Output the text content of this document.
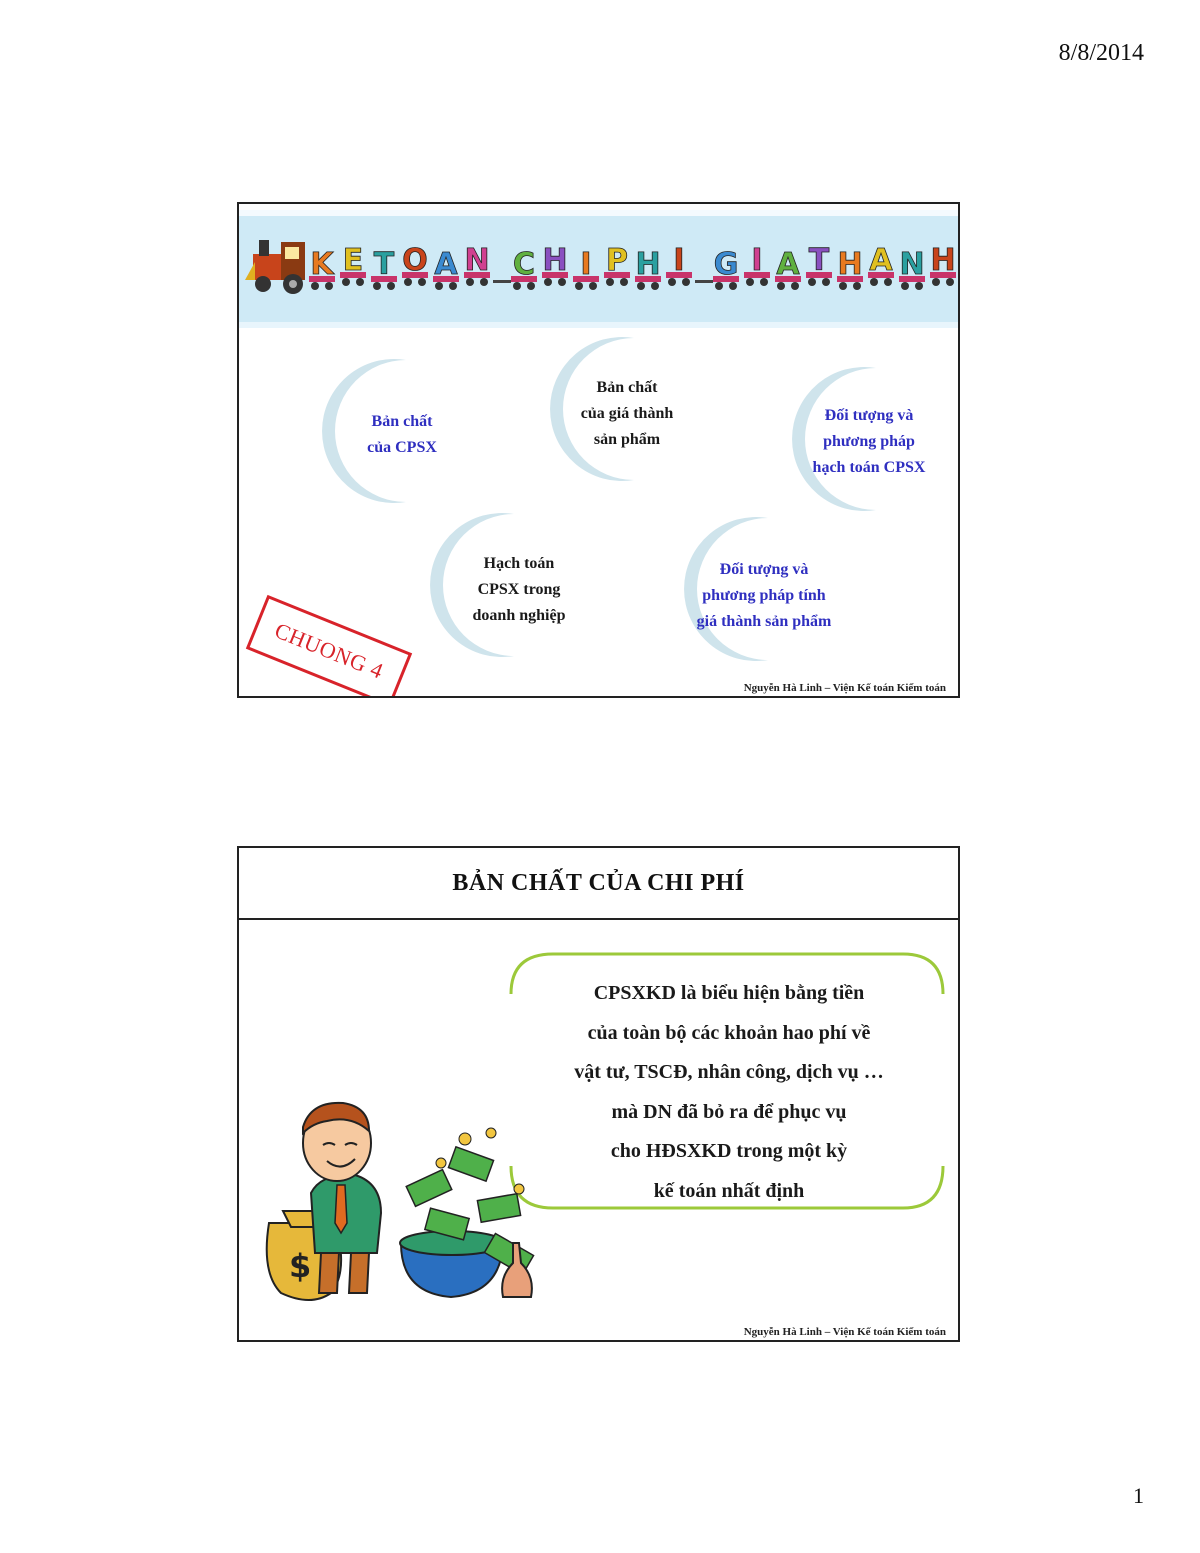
8/8/2014
K E T O A N C H I P H I G I A T H A N H
Bản chất
của CPSX
Bản chất
của giá thành
sản phẩm
Đối tượng và
phương pháp
hạch toán CPSX
Hạch toán
CPSX trong
doanh nghiệp
Đối tượng và
phương pháp tính
giá thành sản phẩm
CHUONG 4
Nguyễn Hà Linh – Viện Kế toán Kiểm toán
BẢN CHẤT CỦA CHI PHÍ
CPSXKD là biểu hiện bằng tiền
của toàn bộ các khoản hao phí về
vật tư, TSCĐ, nhân công, dịch vụ …
mà DN đã bỏ ra để phục vụ
cho HĐSXKD trong một kỳ
kế toán nhất định
$
Nguyễn Hà Linh – Viện Kế toán Kiểm toán
1
